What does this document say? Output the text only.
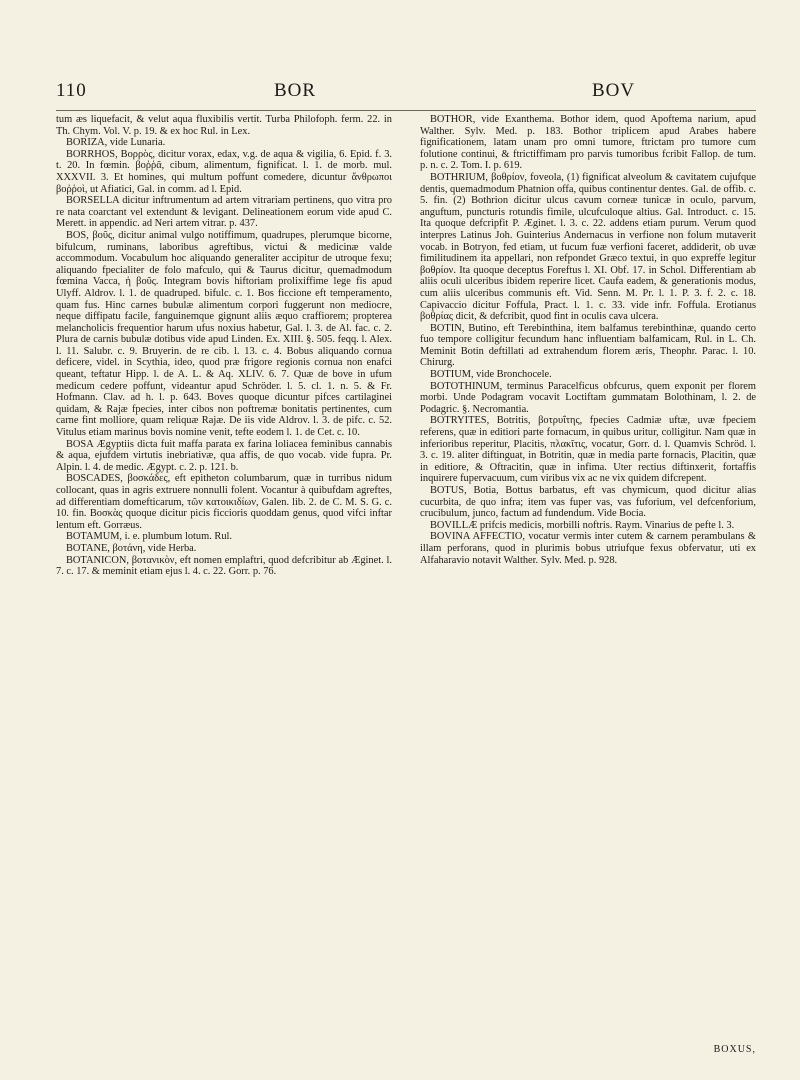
110	BOR	BOV

tum æs liquefacit, & velut aqua fluxibilis vertit. Turba Philofoph. ferm. 22. in Th. Chym. Vol. V. p. 19. & ex hoc Rul. in Lex.

BORIZA, vide Lunaria.

BORRHOS, Βορρὸς, dicitur vorax, edax, v.g. de aqua & vigilia, 6. Epid. f. 3. t. 20. In fœmin. βοῤῥᾶ, cibum, alimentum, fignificat. l. 1. de morb. mul. XXXVII. 3. Et homines, qui multum poffunt comedere, dicuntur ἄνθρωποι βοῤῥοὶ, ut Afiatici, Gal. in comm. ad l. Epid.

BORSELLA dicitur inftrumentum ad artem vitrariam pertinens, quo vitra pro re nata coarctant vel extendunt & levigant. Delineationem eorum vide apud C. Merett. in appendic. ad Neri artem vitrar. p. 437.

BOS, βοῦς, dicitur animal vulgo notiffimum, quadrupes, plerumque bicorne, bifulcum, ruminans, laboribus agreftibus, victui & medicinæ valde accommodum. Vocabulum hoc aliquando generaliter accipitur de utroque fexu; aliquando fpecialiter de folo mafculo, qui & Taurus dicitur, quemadmodum fœmina Vacca, ἡ βοῦς. Integram bovis hiftoriam prolixiffime lege fis apud Ulyff. Aldrov. l. 1. de quadruped. bifulc. c. 1. Bos ficcione eft temperamento, quam fus. Hinc carnes bubulæ alimentum corpori fuggerunt non mediocre, neque diffipatu facile, fanguinemque gignunt aliis æquo craffiorem; propterea melancholicis frequentior harum ufus noxius habetur, Gal. l. 3. de Al. fac. c. 2. Plura de carnis bubulæ dotibus vide apud Linden. Ex. XIII. §. 505. feqq. l. Alex. l. 11. Salubr. c. 9. Bruyerin. de re cib. l. 13. c. 4. Bobus aliquando cornua deficere, videl. in Scythia, ideo, quod præ frigore regionis cornua non enafci queant, teftatur Hipp. l. de A. L. & Aq. XLIV. 6. 7. Quæ de bove in ufum medicum cedere poffunt, videantur apud Schröder. l. 5. cl. 1. n. 5. & Fr. Hofmann. Clav. ad h. l. p. 643. Boves quoque dicuntur pifces cartilaginei quidam, & Rajæ fpecies, inter cibos non poftremæ bonitatis pertinentes, cum carne fint molliore, quam reliquæ Rajæ. De iis vide Aldrov. l. 3. de pifc. c. 52. Vitulus etiam marinus bovis nomine venit, tefte eodem l. 1. de Cet. c. 10.

BOSA Ægyptiis dicta fuit maffa parata ex farina loliacea feminibus cannabis & aqua, ejufdem virtutis inebriativæ, qua affis, de quo vocab. vide fupra. Pr. Alpin. l. 4. de medic. Ægypt. c. 2. p. 121. b.

BOSCADES, βοσκάδες, eft epitheton columbarum, quæ in turribus nidum collocant, quas in agris extruere nonnulli folent. Vocantur à quibufdam agreftes, ad differentiam domefticarum, τῶν κατοικιδίων, Galen. lib. 2. de C. M. S. G. c. 10. fin. Βοσκὰς quoque dicitur picis ficcioris quoddam genus, quod vifci inftar lentum eft. Gorræus.

BOTAMUM, i. e. plumbum lotum. Rul.

BOTANE, βοτάνη, vide Herba.

BOTANICON, βοτανικὸν, eft nomen emplaftri, quod defcribitur ab Æginet. l. 7. c. 17. & meminit etiam ejus l. 4. c. 22. Gorr. p. 76.

BOTHOR, vide Exanthema. Bothor idem, quod Apoftema narium, apud Walther. Sylv. Med. p. 183. Bothor triplicem apud Arabes habere fignificationem, latam unam pro omni tumore, ftrictam pro tumore cum folutione continui, & ftrictiffimam pro parvis tumoribus fcribit Fallop. de tum. p. n. c. 2. Tom. I. p. 619.

BOTHRIUM, βοθρίον, foveola, (1) fignificat alveolum & cavitatem cujufque dentis, quemadmodum Phatnion offa, quibus continentur dentes. Gal. de offib. c. 5. fin. (2) Bothrion dicitur ulcus cavum corneæ tunicæ in oculo, parvum, anguftum, puncturis rotundis fimile, ulcufculoque altius. Gal. Introduct. c. 15. Ita quoque defcripfit P. Æginet. l. 3. c. 22. addens etiam purum. Verum quod interpres Latinus Joh. Guinterius Andernacus in verfione non folum mutaverit vocab. in Botryon, fed etiam, ut fucum fuæ verfioni faceret, addiderit, ob uvæ fimilitudinem ita appellari, non refpondet Græco textui, in quo expreffe legitur βοθρίον. Ita quoque deceptus Foreftus l. XI. Obf. 17. in Schol. Differentiam ab aliis oculi ulceribus ibidem reperire licet. Caufa eadem, & generationis modus, cum aliis ulceribus communis eft. Vid. Senn. M. Pr. l. 1. P. 3. f. 2. c. 18. Capivaccio dicitur Foffula, Pract. l. 1. c. 33. vide infr. Foffula. Erotianus βοθρίας dicit, & defcribit, quod fint in oculis cava ulcera.

BOTIN, Butino, eft Terebinthina, item balfamus terebinthinæ, quando certo fuo tempore colligitur fecundum hanc influentiam balfamicam, Rul. in L. Ch. Meminit Botin deftillati ad extrahendum florem æris, Theophr. Parac. l. 10. Chirurg.

BOTIUM, vide Bronchocele.

BOTOTHINUM, terminus Paracelficus obfcurus, quem exponit per florem morbi. Unde Podagram vocavit Loctiftam gummatam Bolothinam, l. 2. de Podagric. §. Necromantia.

BOTRYITES, Botritis, βοτρυΐτης, fpecies Cadmiæ uftæ, uvæ fpeciem referens, quæ in editiori parte fornacum, in quibus uritur, colligitur. Nam quæ in inferioribus reperitur, Placitis, πλακῖτις, vocatur, Gorr. d. l. Quamvis Schröd. l. 3. c. 19. aliter diftinguat, in Botritin, quæ in media parte fornacis, Placitin, quæ in editiore, & Oftracitin, quæ in infima. Uter rectius diftinxerit, fortaffis inquirere fupervacuum, cum viribus vix ac ne vix quidem difcrepent.

BOTUS, Botia, Bottus barbatus, eft vas chymicum, quod dicitur alias cucurbita, de quo infra; item vas fuper vas, vas fuforium, vel defcenforium, crucibulum, junco, factum ad fundendum. Vide Bocia.

BOVILLÆ prifcis medicis, morbilli noftris. Raym. Vinarius de pefte l. 3.

BOVINA AFFECTIO, vocatur vermis inter cutem & carnem perambulans & illam perforans, quod in plurimis bobus utriufque fexus obfervatur, uti ex Alfaharavio notavit Walther. Sylv. Med. p. 928.

BOXUS,
